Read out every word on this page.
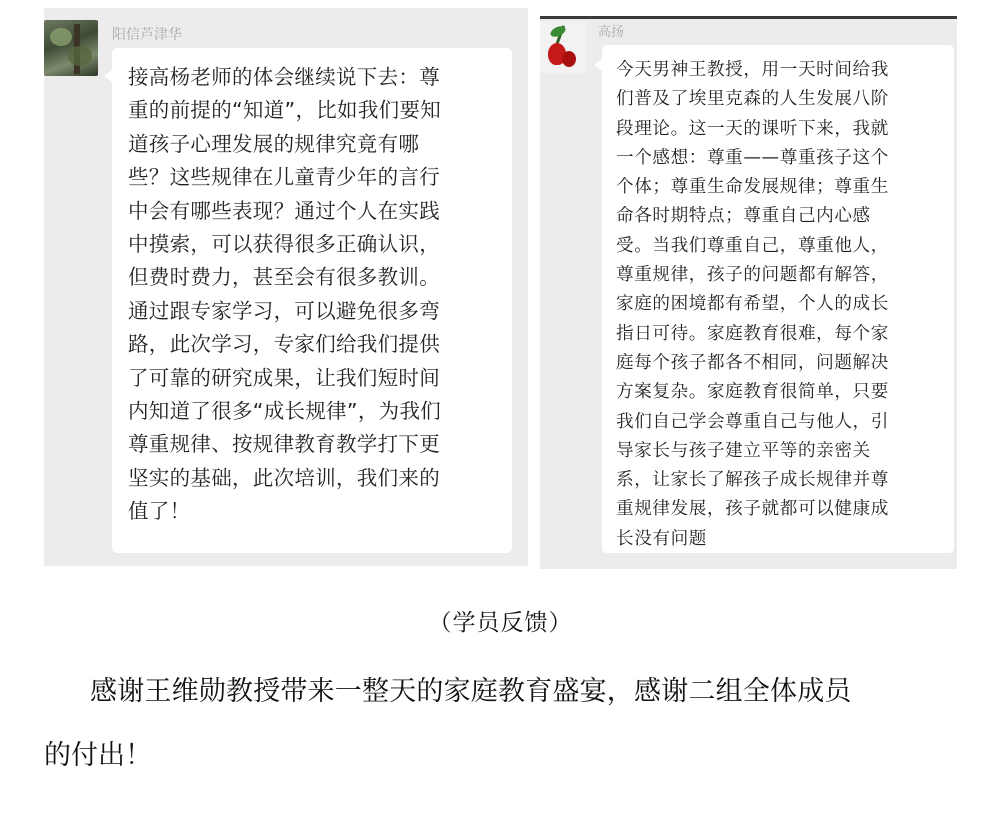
阳信芦津华
接高杨老师的体会继续说下去：尊
重的前提的“知道”，比如我们要知
道孩子心理发展的规律究竟有哪
些？这些规律在儿童青少年的言行
中会有哪些表现？通过个人在实践
中摸索，可以获得很多正确认识，
但费时费力，甚至会有很多教训。
通过跟专家学习，可以避免很多弯
路，此次学习，专家们给我们提供
了可靠的研究成果，让我们短时间
内知道了很多“成长规律”，为我们
尊重规律、按规律教育教学打下更
坚实的基础，此次培训，我们来的
值了！
高扬
今天男神王教授，用一天时间给我
们普及了埃里克森的人生发展八阶
段理论。这一天的课听下来，我就
一个感想：尊重——尊重孩子这个
个体；尊重生命发展规律；尊重生
命各时期特点；尊重自己内心感
受。当我们尊重自己，尊重他人，
尊重规律，孩子的问题都有解答，
家庭的困境都有希望，个人的成长
指日可待。家庭教育很难，每个家
庭每个孩子都各不相同，问题解决
方案复杂。家庭教育很简单，只要
我们自己学会尊重自己与他人，引
导家长与孩子建立平等的亲密关
系，让家长了解孩子成长规律并尊
重规律发展，孩子就都可以健康成
长没有问题
（学员反馈）
感谢王维勋教授带来一整天的家庭教育盛宴，感谢二组全体成员
的付出！
